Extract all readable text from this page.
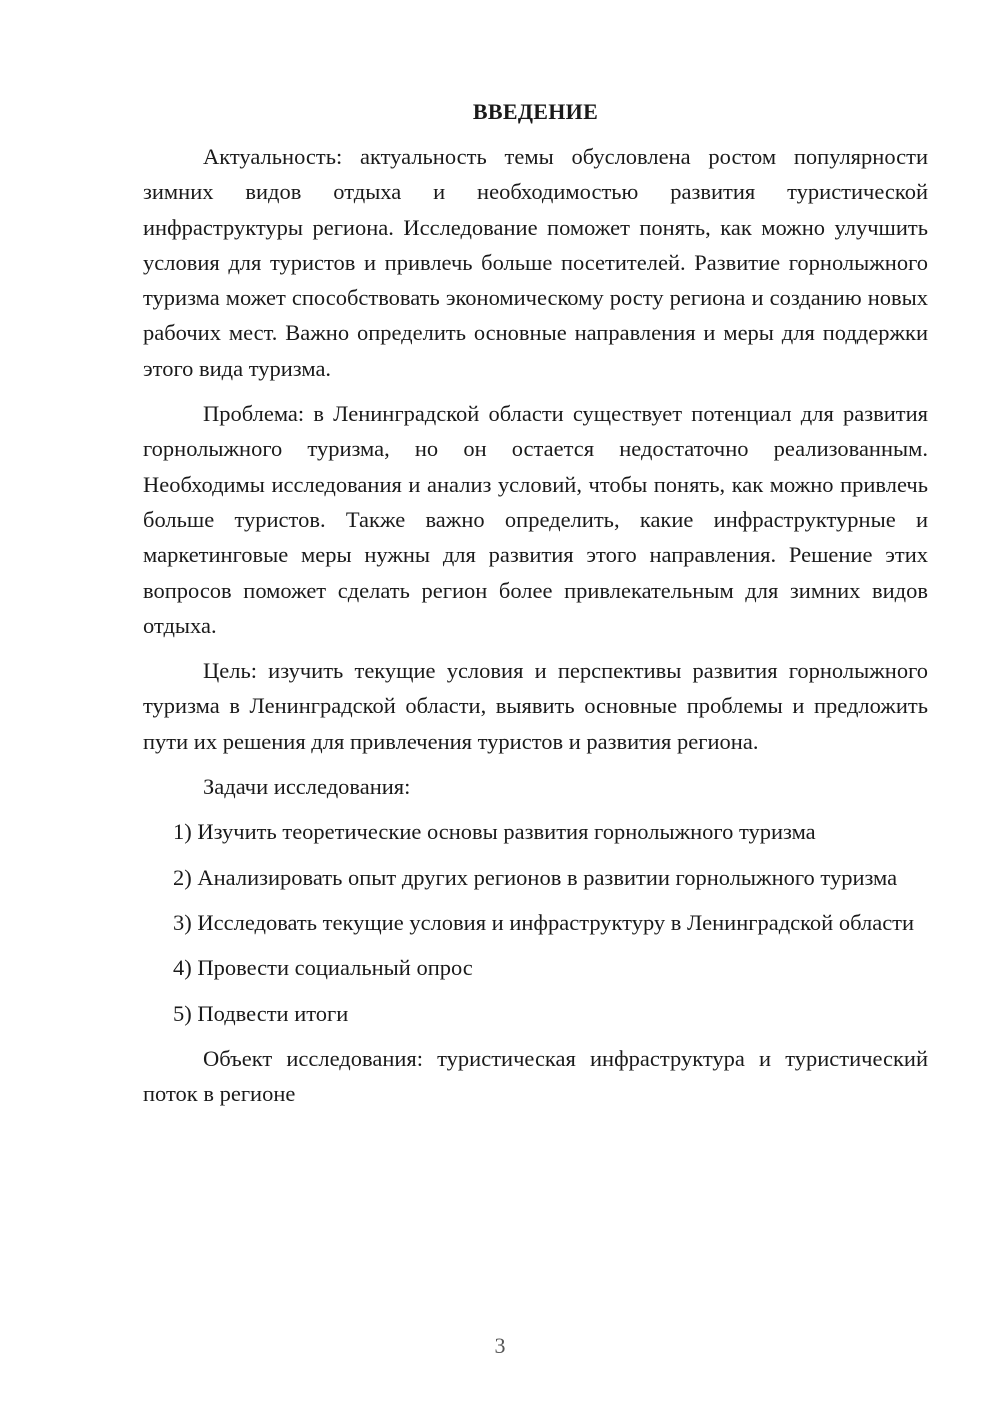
ВВЕДЕНИЕ

Актуальность: актуальность темы обусловлена ростом популярности зимних видов отдыха и необходимостью развития туристической инфраструктуры региона. Исследование поможет понять, как можно улучшить условия для туристов и привлечь больше посетителей. Развитие горнолыжного туризма может способствовать экономическому росту региона и созданию новых рабочих мест. Важно определить основные направления и меры для поддержки этого вида туризма.

Проблема: в Ленинградской области существует потенциал для развития горнолыжного туризма, но он остается недостаточно реализованным. Необходимы исследования и анализ условий, чтобы понять, как можно привлечь больше туристов. Также важно определить, какие инфраструктурные и маркетинговые меры нужны для развития этого направления. Решение этих вопросов поможет сделать регион более привлекательным для зимних видов отдыха.

Цель: изучить текущие условия и перспективы развития горнолыжного туризма в Ленинградской области, выявить основные проблемы и предложить пути их решения для привлечения туристов и развития региона.

Задачи исследования:

1) Изучить теоретические основы развития горнолыжного туризма

2) Анализировать опыт других регионов в развитии горнолыжного туризма

3) Исследовать текущие условия и инфраструктуру в Ленинградской области

4) Провести социальный опрос

5) Подвести итоги

Объект исследования: туристическая инфраструктура и туристический поток в регионе

3
